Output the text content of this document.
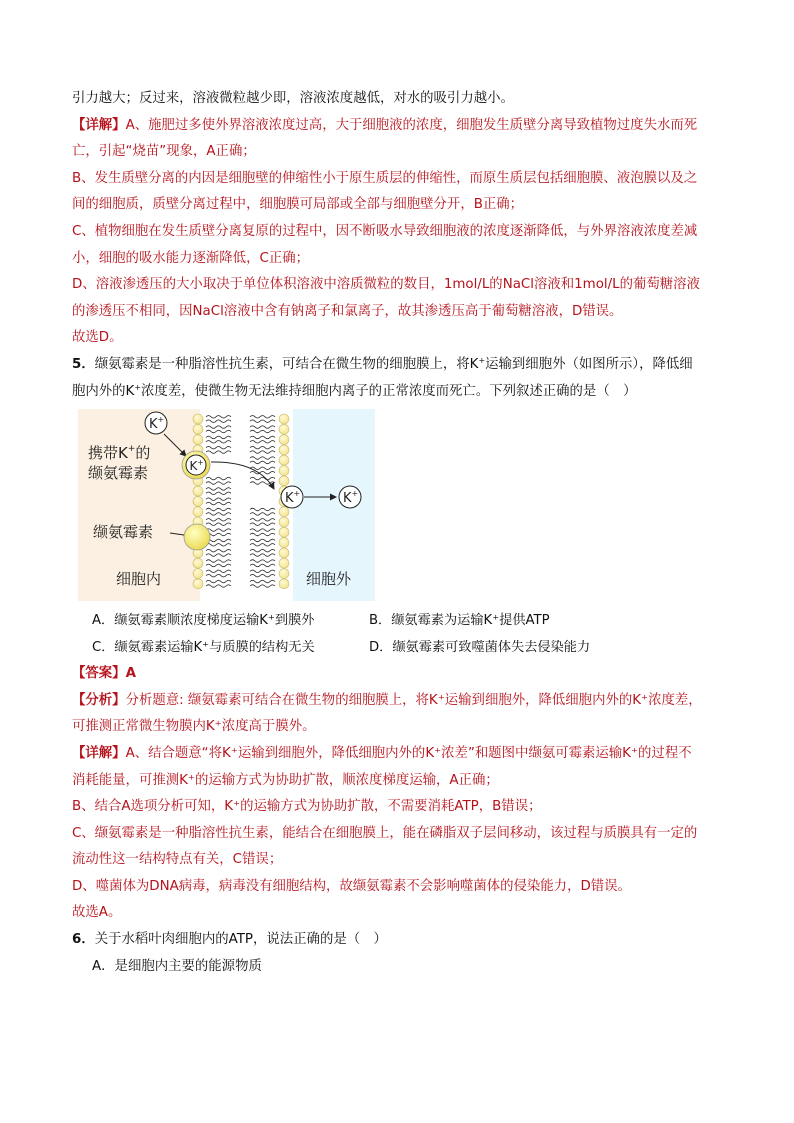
引力越大；反过来，溶液微粒越少即，溶液浓度越低，对水的吸引力越小。
【详解】A、施肥过多使外界溶液浓度过高，大于细胞液的浓度，细胞发生质壁分离导致植物过度失水而死
亡，引起“烧苗”现象，A正确；
B、发生质壁分离的内因是细胞壁的伸缩性小于原生质层的伸缩性，而原生质层包括细胞膜、液泡膜以及之
间的细胞质，质壁分离过程中，细胞膜可局部或全部与细胞壁分开，B正确；
C、植物细胞在发生质壁分离复原的过程中，因不断吸水导致细胞液的浓度逐渐降低，与外界溶液浓度差减
小，细胞的吸水能力逐渐降低，C正确；
D、溶液渗透压的大小取决于单位体积溶液中溶质微粒的数目，1mol/L的NaCl溶液和1mol/L的葡萄糖溶液
的渗透压不相同，因NaCl溶液中含有钠离子和氯离子，故其渗透压高于葡萄糖溶液，D错误。
故选D。
5．缬氨霉素是一种脂溶性抗生素，可结合在微生物的细胞膜上，将K+运输到细胞外（如图所示），降低细
胞内外的K+浓度差，使微生物无法维持细胞内离子的正常浓度而死亡。下列叙述正确的是（　）
K+
K+
K+	K+
携带K+的
缬氨霉素
缬氨霉素
细胞内	细胞外
A．缬氨霉素顺浓度梯度运输K⁺到膜外	B．缬氨霉素为运输K⁺提供ATP
C．缬氨霉素运输K⁺与质膜的结构无关	D．缬氨霉素可致噬菌体失去侵染能力
【答案】A
【分析】分析题意: 缬氨霉素可结合在微生物的细胞膜上，将K⁺运输到细胞外，降低细胞内外的K⁺浓度差，
可推测正常微生物膜内K⁺浓度高于膜外。
【详解】A、结合题意“将K⁺运输到细胞外，降低细胞内外的K⁺浓差”和题图中缬氨可霉素运输K⁺的过程不
消耗能量，可推测K⁺的运输方式为协助扩散，顺浓度梯度运输，A正确；
B、结合A选项分析可知，K⁺的运输方式为协助扩散，不需要消耗ATP，B错误；
C、缬氨霉素是一种脂溶性抗生素，能结合在细胞膜上，能在磷脂双子层间移动，该过程与质膜具有一定的
流动性这一结构特点有关，C错误；
D、噬菌体为DNA病毒，病毒没有细胞结构，故缬氨霉素不会影响噬菌体的侵染能力，D错误。
故选A。
6．关于水稻叶肉细胞内的ATP，说法正确的是（　）
A．是细胞内主要的能源物质
